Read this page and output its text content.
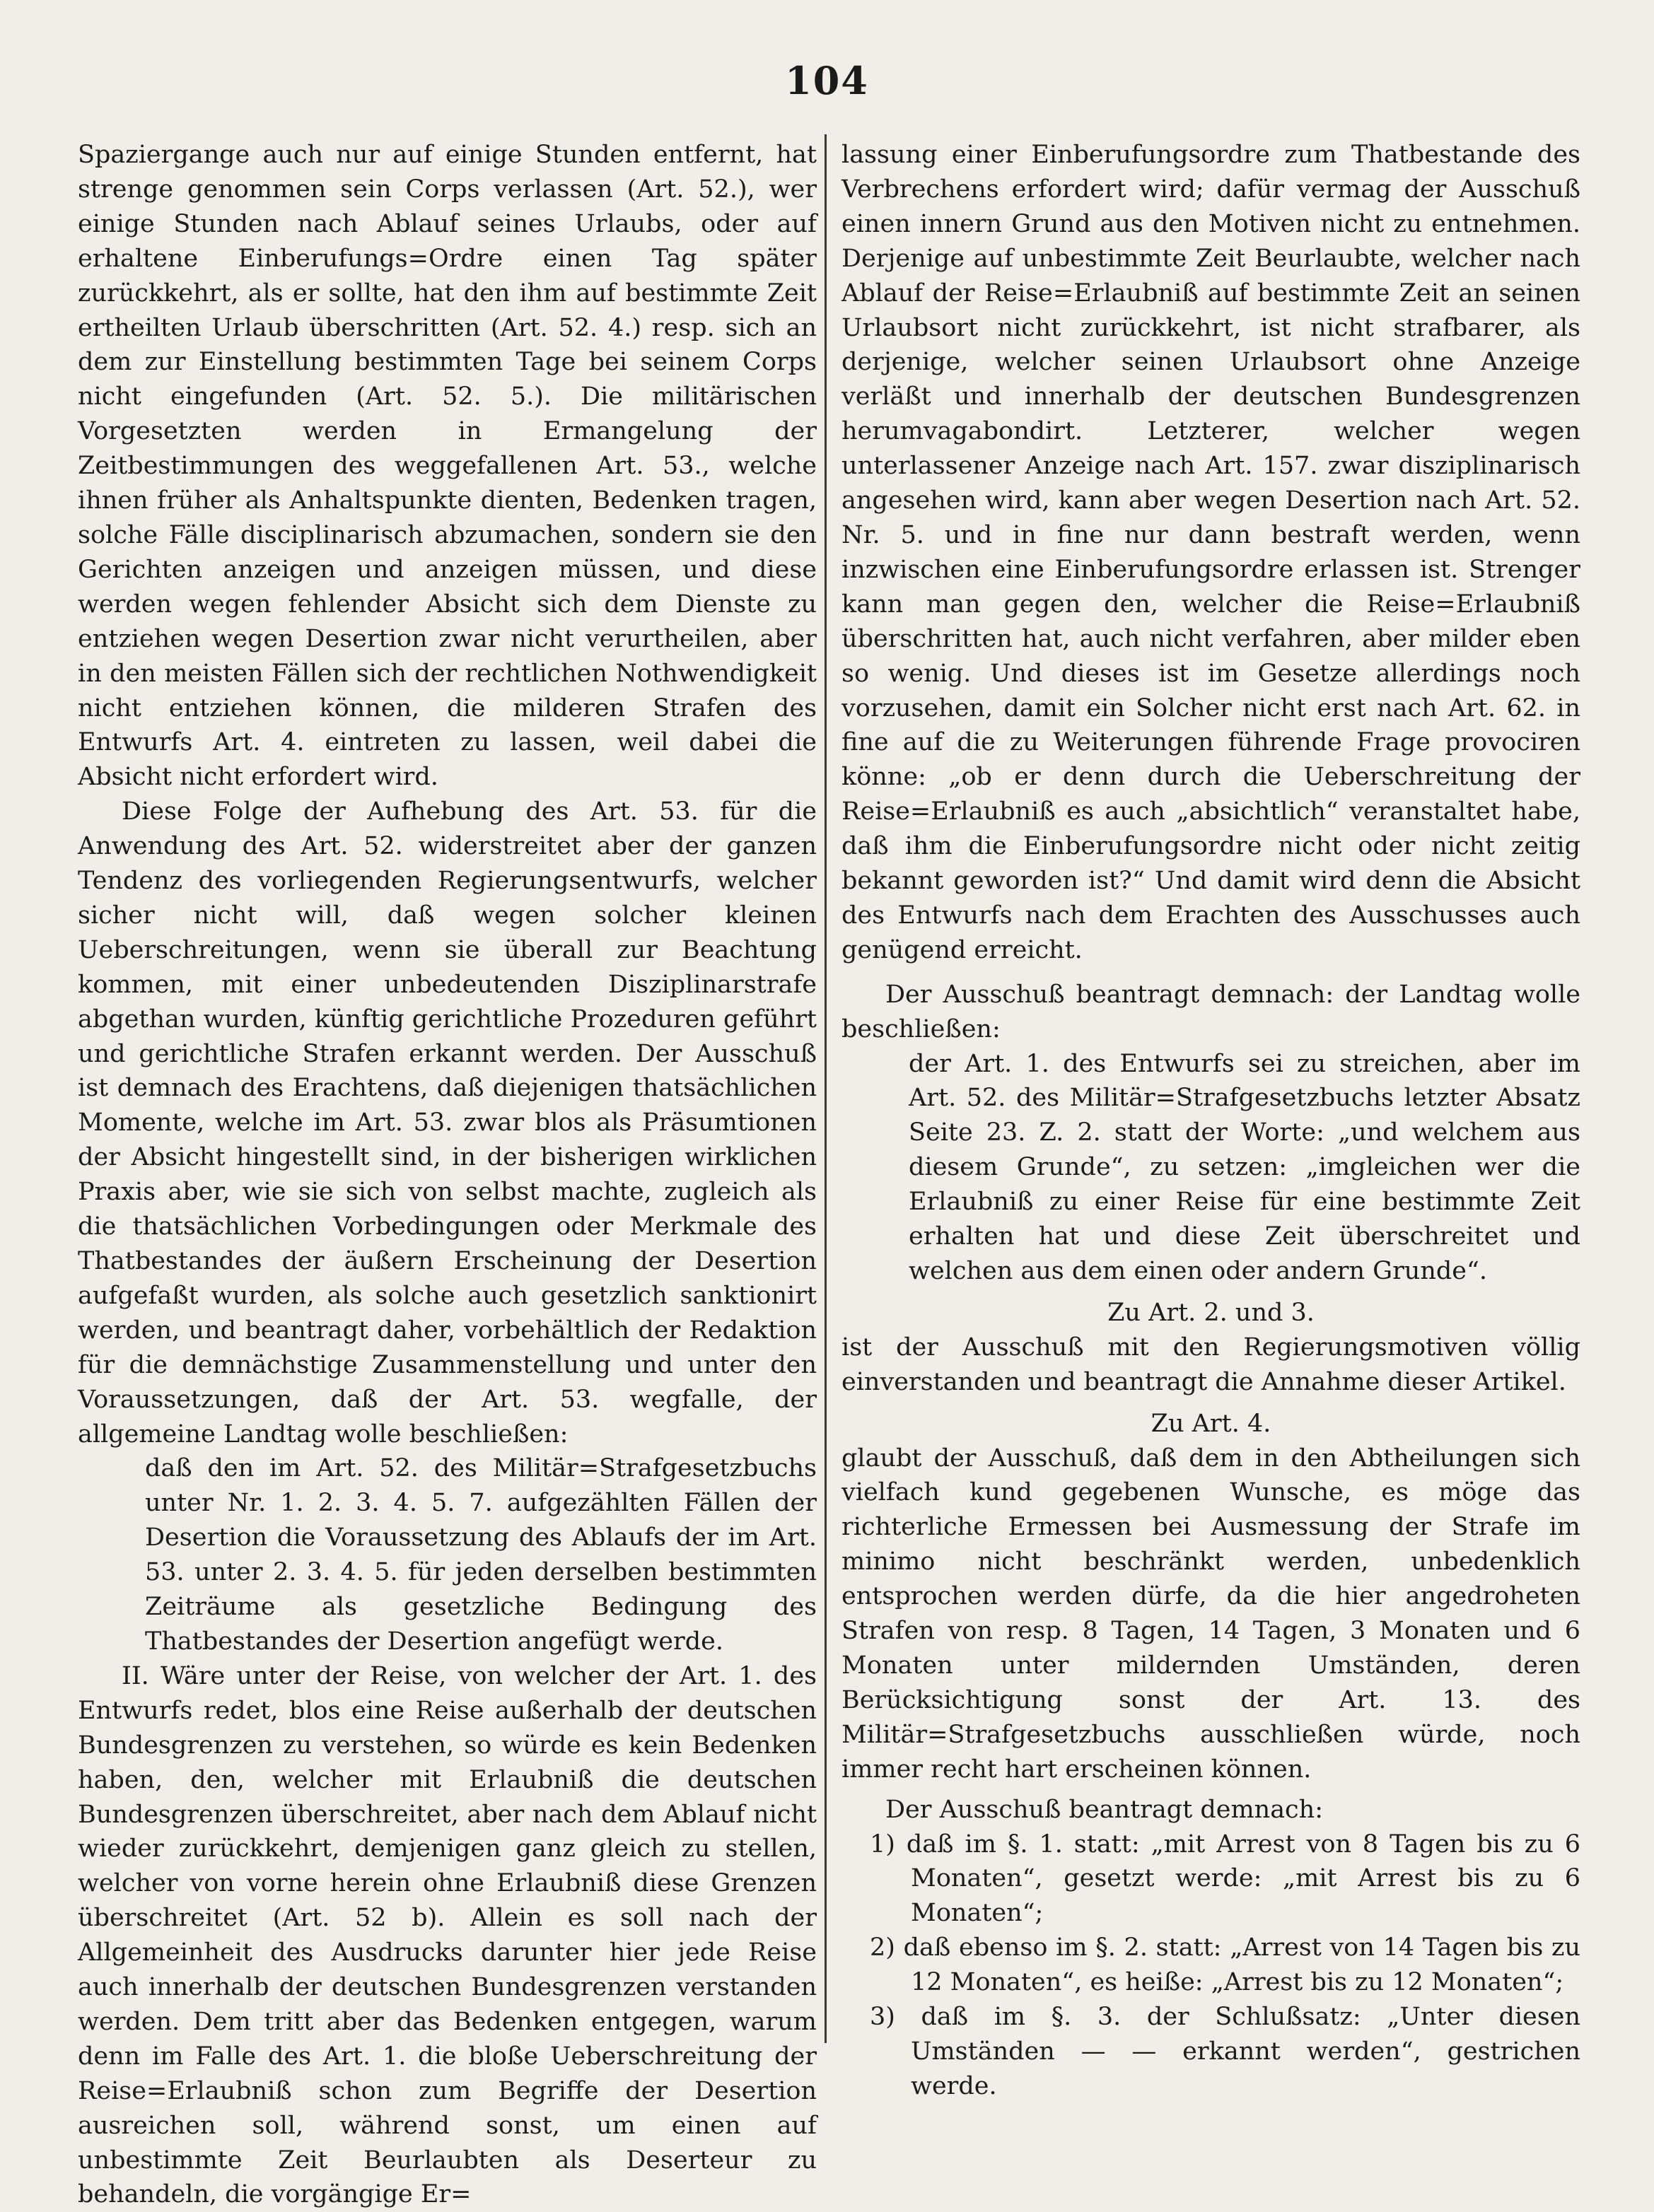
104

Spaziergange auch nur auf einige Stunden entfernt, hat strenge genommen sein Corps verlassen (Art. 52.), wer einige Stunden nach Ablauf seines Urlaubs, oder auf erhaltene Einberufungs=Ordre einen Tag später zurückkehrt, als er sollte, hat den ihm auf bestimmte Zeit ertheilten Urlaub überschritten (Art. 52. 4.) resp. sich an dem zur Einstellung bestimmten Tage bei seinem Corps nicht eingefunden (Art. 52. 5.). Die militärischen Vorgesetzten werden in Ermangelung der Zeitbestimmungen des weggefallenen Art. 53., welche ihnen früher als Anhaltspunkte dienten, Bedenken tragen, solche Fälle disciplinarisch abzumachen, sondern sie den Gerichten anzeigen und anzeigen müssen, und diese werden wegen fehlender Absicht sich dem Dienste zu entziehen wegen Desertion zwar nicht verurtheilen, aber in den meisten Fällen sich der rechtlichen Nothwendigkeit nicht entziehen können, die milderen Strafen des Entwurfs Art. 4. eintreten zu lassen, weil dabei die Absicht nicht erfordert wird.

Diese Folge der Aufhebung des Art. 53. für die Anwendung des Art. 52. widerstreitet aber der ganzen Tendenz des vorliegenden Regierungsentwurfs, welcher sicher nicht will, daß wegen solcher kleinen Ueberschreitungen, wenn sie überall zur Beachtung kommen, mit einer unbedeutenden Disziplinarstrafe abgethan wurden, künftig gerichtliche Prozeduren geführt und gerichtliche Strafen erkannt werden. Der Ausschuß ist demnach des Erachtens, daß diejenigen thatsächlichen Momente, welche im Art. 53. zwar blos als Präsumtionen der Absicht hingestellt sind, in der bisherigen wirklichen Praxis aber, wie sie sich von selbst machte, zugleich als die thatsächlichen Vorbedingungen oder Merkmale des Thatbestandes der äußern Erscheinung der Desertion aufgefaßt wurden, als solche auch gesetzlich sanktionirt werden, und beantragt daher, vorbehältlich der Redaktion für die demnächstige Zusammenstellung und unter den Voraussetzungen, daß der Art. 53. wegfalle, der allgemeine Landtag wolle beschließen:

daß den im Art. 52. des Militär=Strafgesetzbuchs unter Nr. 1. 2. 3. 4. 5. 7. aufgezählten Fällen der Desertion die Voraussetzung des Ablaufs der im Art. 53. unter 2. 3. 4. 5. für jeden derselben bestimmten Zeiträume als gesetzliche Bedingung des Thatbestandes der Desertion angefügt werde.

II. Wäre unter der Reise, von welcher der Art. 1. des Entwurfs redet, blos eine Reise außerhalb der deutschen Bundesgrenzen zu verstehen, so würde es kein Bedenken haben, den, welcher mit Erlaubniß die deutschen Bundesgrenzen überschreitet, aber nach dem Ablauf nicht wieder zurückkehrt, demjenigen ganz gleich zu stellen, welcher von vorne herein ohne Erlaubniß diese Grenzen überschreitet (Art. 52 b). Allein es soll nach der Allgemeinheit des Ausdrucks darunter hier jede Reise auch innerhalb der deutschen Bundesgrenzen verstanden werden. Dem tritt aber das Bedenken entgegen, warum denn im Falle des Art. 1. die bloße Ueberschreitung der Reise=Erlaubniß schon zum Begriffe der Desertion ausreichen soll, während sonst, um einen auf unbestimmte Zeit Beurlaubten als Deserteur zu behandeln, die vorgängige Er=

lassung einer Einberufungsordre zum Thatbestande des Verbrechens erfordert wird; dafür vermag der Ausschuß einen innern Grund aus den Motiven nicht zu entnehmen. Derjenige auf unbestimmte Zeit Beurlaubte, welcher nach Ablauf der Reise=Erlaubniß auf bestimmte Zeit an seinen Urlaubsort nicht zurückkehrt, ist nicht strafbarer, als derjenige, welcher seinen Urlaubsort ohne Anzeige verläßt und innerhalb der deutschen Bundesgrenzen herumvagabondirt. Letzterer, welcher wegen unterlassener Anzeige nach Art. 157. zwar disziplinarisch angesehen wird, kann aber wegen Desertion nach Art. 52. Nr. 5. und in fine nur dann bestraft werden, wenn inzwischen eine Einberufungsordre erlassen ist. Strenger kann man gegen den, welcher die Reise=Erlaubniß überschritten hat, auch nicht verfahren, aber milder eben so wenig. Und dieses ist im Gesetze allerdings noch vorzusehen, damit ein Solcher nicht erst nach Art. 62. in fine auf die zu Weiterungen führende Frage provociren könne: „ob er denn durch die Ueberschreitung der Reise=Erlaubniß es auch „absichtlich“ veranstaltet habe, daß ihm die Einberufungsordre nicht oder nicht zeitig bekannt geworden ist?“ Und damit wird denn die Absicht des Entwurfs nach dem Erachten des Ausschusses auch genügend erreicht.

Der Ausschuß beantragt demnach: der Landtag wolle beschließen:

der Art. 1. des Entwurfs sei zu streichen, aber im Art. 52. des Militär=Strafgesetzbuchs letzter Absatz Seite 23. Z. 2. statt der Worte: „und welchem aus diesem Grunde“, zu setzen: „imgleichen wer die Erlaubniß zu einer Reise für eine bestimmte Zeit erhalten hat und diese Zeit überschreitet und welchen aus dem einen oder andern Grunde“.

Zu Art. 2. und 3.

ist der Ausschuß mit den Regierungsmotiven völlig einverstanden und beantragt die Annahme dieser Artikel.

Zu Art. 4.

glaubt der Ausschuß, daß dem in den Abtheilungen sich vielfach kund gegebenen Wunsche, es möge das richterliche Ermessen bei Ausmessung der Strafe im minimo nicht beschränkt werden, unbedenklich entsprochen werden dürfe, da die hier angedroheten Strafen von resp. 8 Tagen, 14 Tagen, 3 Monaten und 6 Monaten unter mildernden Umständen, deren Berücksichtigung sonst der Art. 13. des Militär=Strafgesetzbuchs ausschließen würde, noch immer recht hart erscheinen können.

Der Ausschuß beantragt demnach:

1) daß im §. 1. statt: „mit Arrest von 8 Tagen bis zu 6 Monaten“, gesetzt werde: „mit Arrest bis zu 6 Monaten“;

2) daß ebenso im §. 2. statt: „Arrest von 14 Tagen bis zu 12 Monaten“, es heiße: „Arrest bis zu 12 Monaten“;

3) daß im §. 3. der Schlußsatz: „Unter diesen Umständen — — erkannt werden“, gestrichen werde.
